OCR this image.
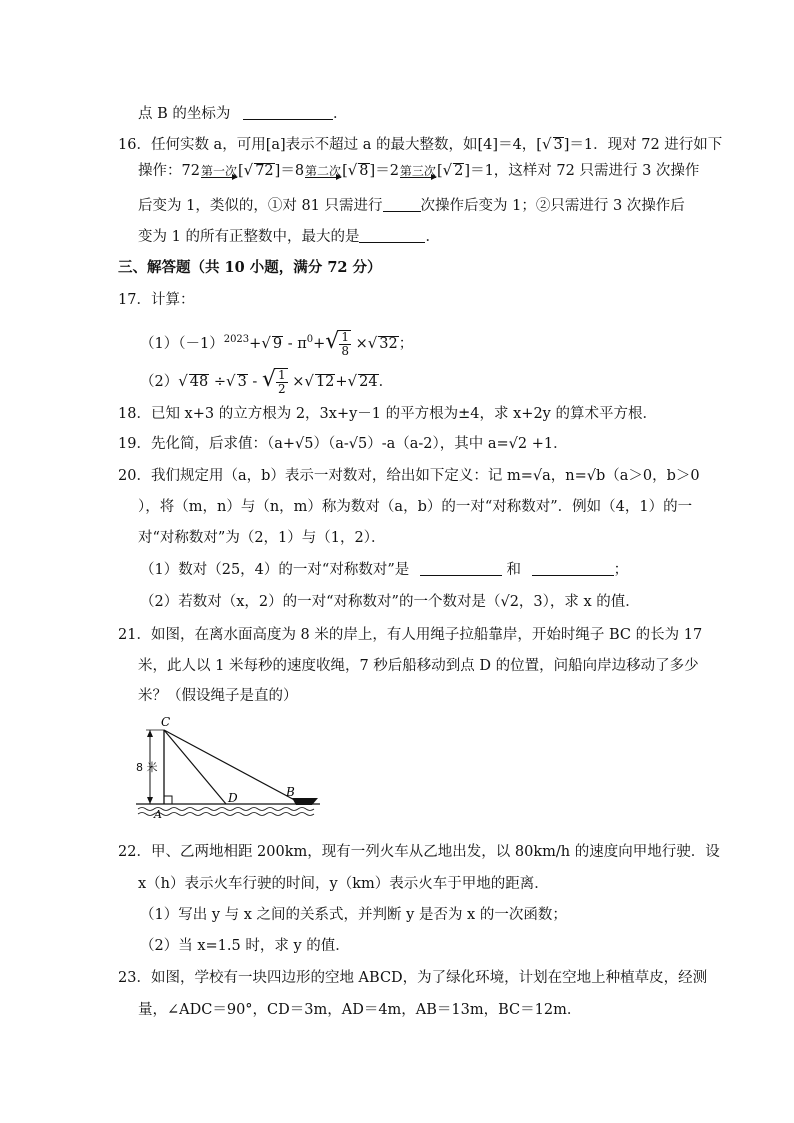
点 B 的坐标为	．
16．任何实数 a，可用[a]表示不超过 a 的最大整数，如[4]＝4，[√ 3]＝1．现对 72 进行如下
操作：72 第一次 [√ 72]＝8 第二次 [√ 8]＝2 第三次 [√ 2]＝1，这样对 72 只需进行 3 次操作
后变为 1，类似的，①对 81 只需进行	次操作后变为 1；②只需进行 3 次操作后
变为 1 的所有正整数中，最大的是	．
三、解答题（共 10 小题，满分 72 分）
17．计算：
$(1)(-1)^{2023}+√$ $9 - \pi^0+√ \frac{1}{8}$ ×√ 32；
（2）√ 48 ÷√ 3 - √ $\frac{1}{2}$ ×√ 12+√ 24．
18．已知 x+3 的立方根为 2，3x+y－1 的平方根为±4，求 x+2y 的算术平方根．
19．先化简，后求值：（a+√5）（a-√5）-a（a-2），其中 a=√2 +1．
20．我们规定用（a，b）表示一对数对，给出如下定义：记 m=√a，n=√b（a＞0，b＞0
），将（m，n）与（n，m）称为数对（a，b）的一对“对称数对”．例如（4，1）的一
对“对称数对”为（2，1）与（1，2）．
（1）数对（25，4）的一对“对称数对”是	和	；
（2）若数对（x，2）的一对“对称数对”的一个数对是（√2，3），求 x 的值．
21．如图，在离水面高度为 8 米的岸上，有人用绳子拉船靠岸，开始时绳子 BC 的长为 17
米，此人以 1 米每秒的速度收绳，7 秒后船移动到点 D 的位置，问船向岸边移动了多少
米？（假设绳子是直的）
C
A
D	B
8 米
22．甲、乙两地相距 200km，现有一列火车从乙地出发，以 80km/h 的速度向甲地行驶．设
x（h）表示火车行驶的时间，y（km）表示火车于甲地的距离．
（1）写出 y 与 x 之间的关系式，并判断 y 是否为 x 的一次函数；
（2）当 x=1.5 时，求 y 的值．
23．如图，学校有一块四边形的空地 ABCD，为了绿化环境，计划在空地上种植草皮，经测
量，∠ADC＝90°，CD＝3m，AD＝4m，AB＝13m，BC＝12m．
